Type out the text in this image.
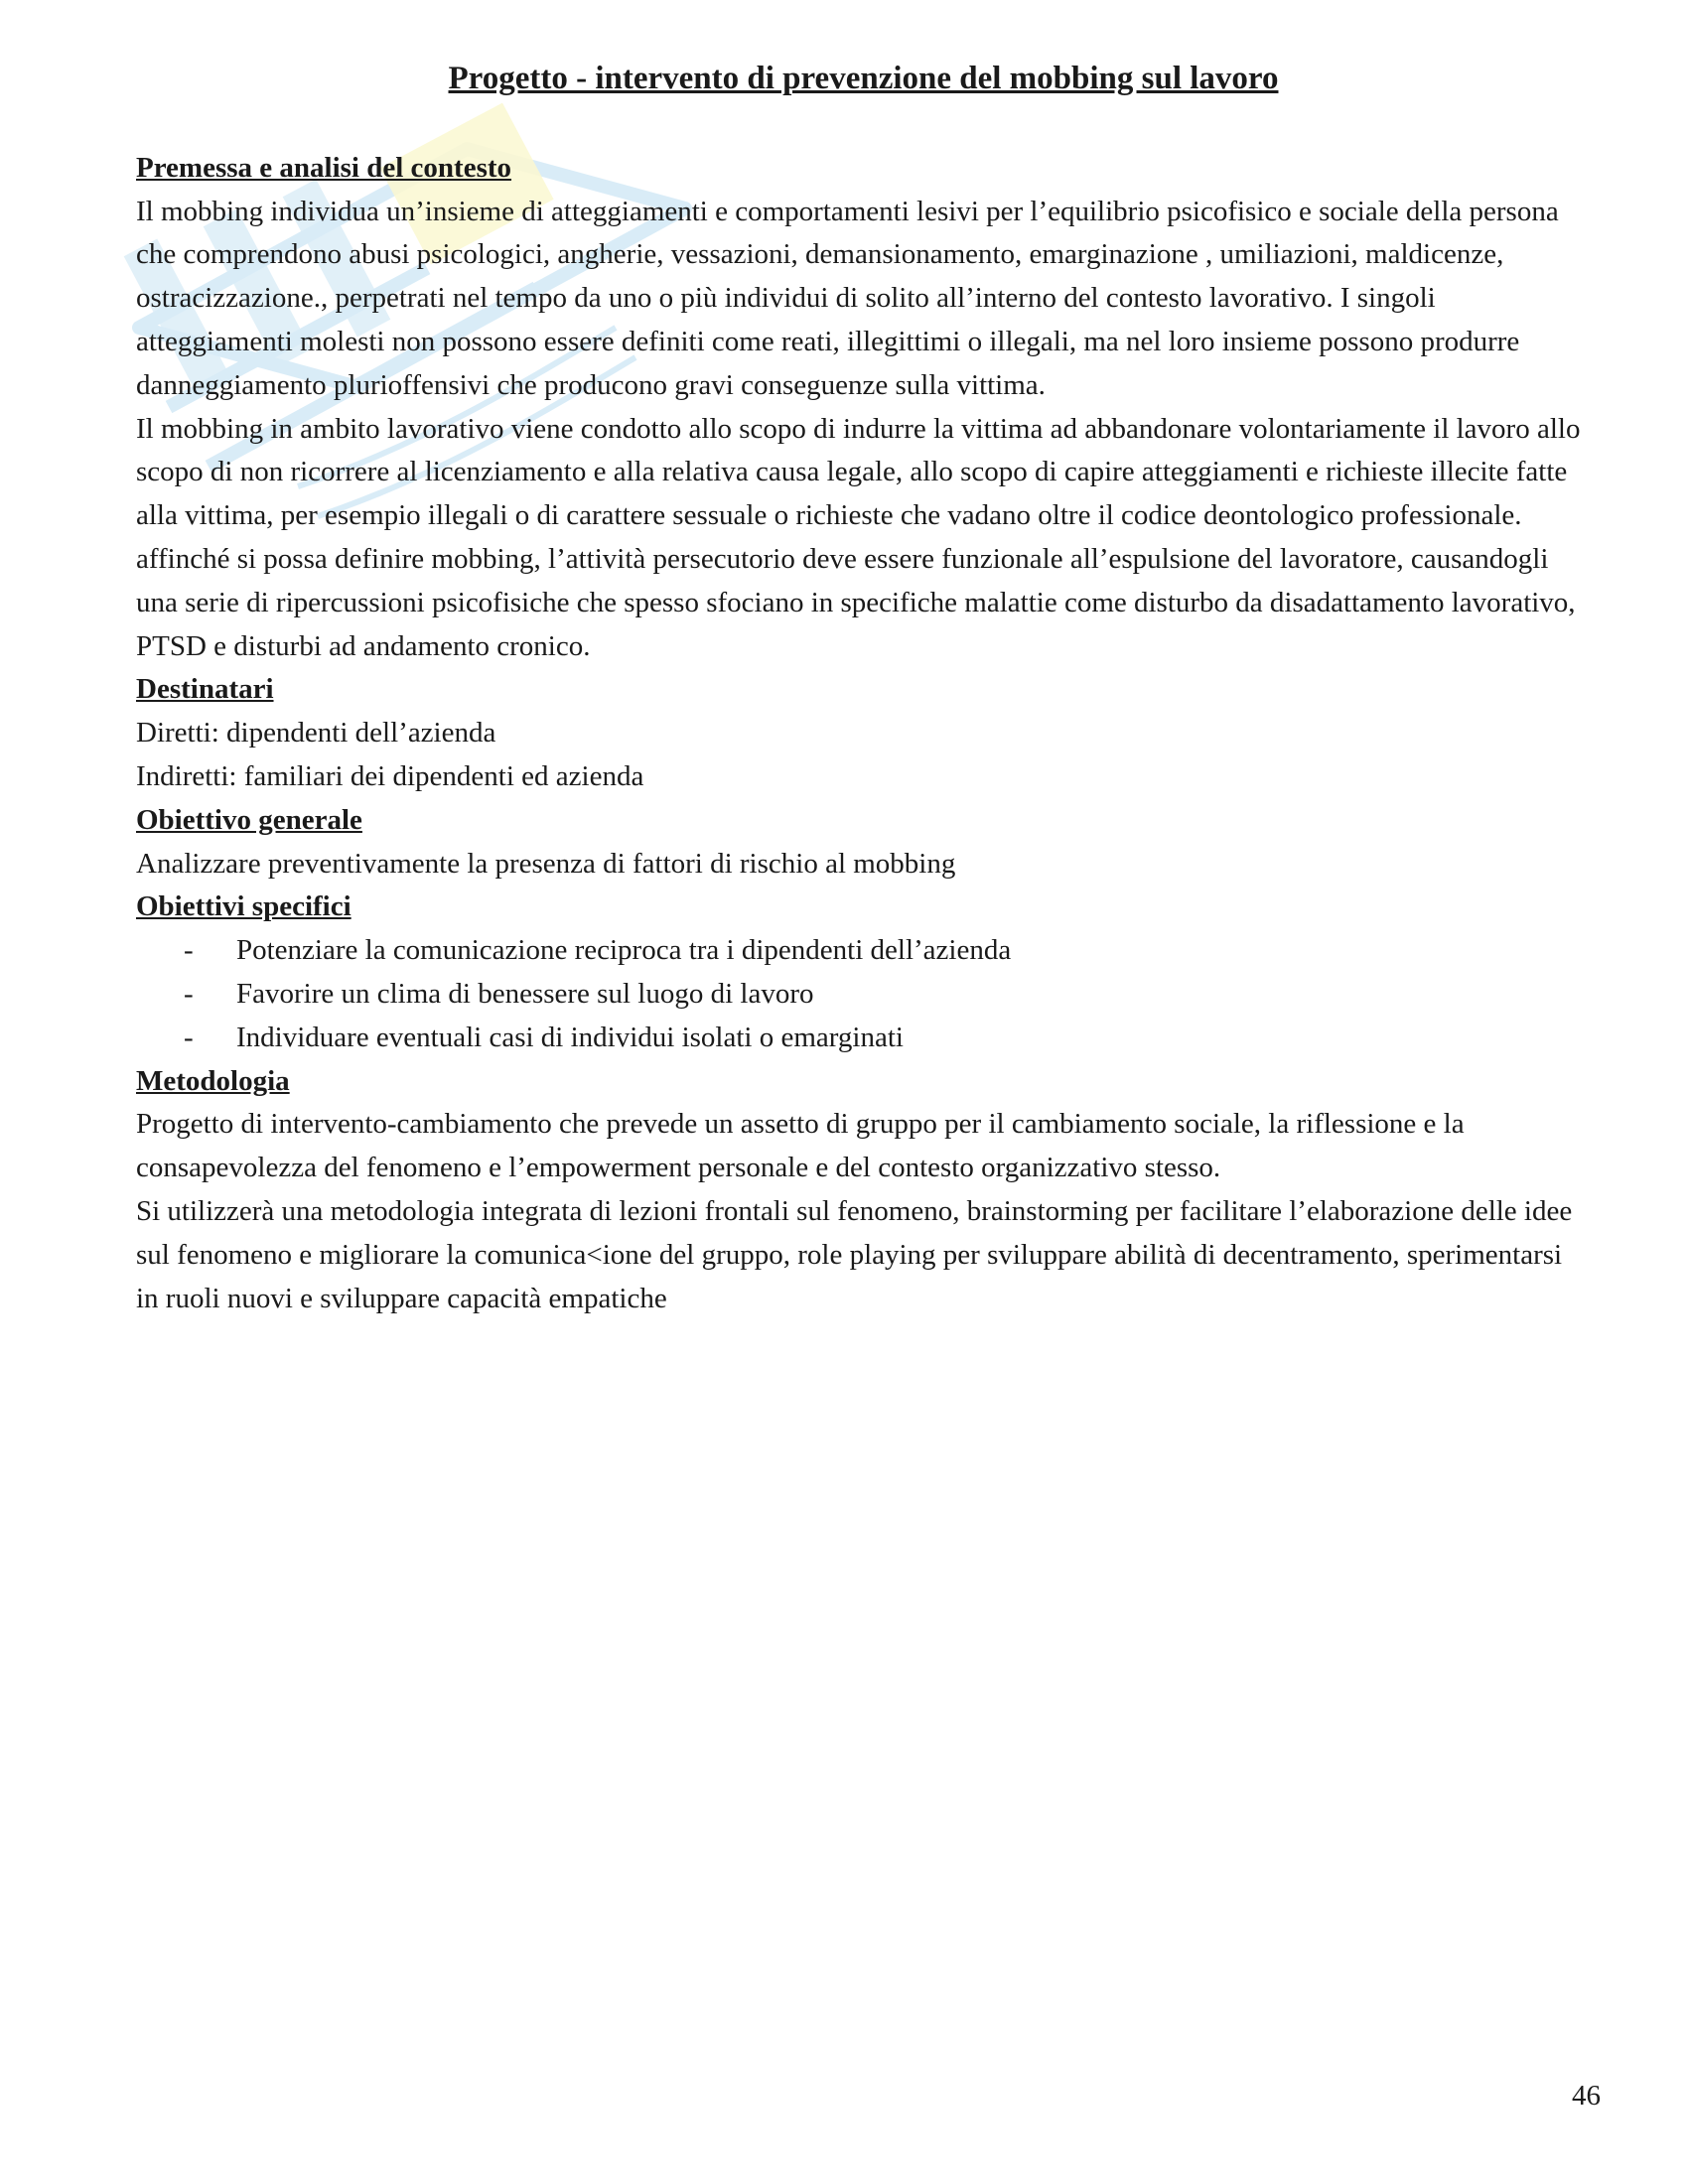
Progetto - intervento di prevenzione del mobbing sul lavoro
Premessa e analisi del contesto

Il mobbing individua un’insieme di atteggiamenti e comportamenti lesivi per l’equilibrio psicofisico e sociale della persona che comprendono abusi psicologici, angherie, vessazioni, demansionamento, emarginazione , umiliazioni, maldicenze, ostracizzazione., perpetrati nel tempo da uno o più individui di solito all’interno del contesto lavorativo. I singoli atteggiamenti molesti non possono essere definiti come reati, illegittimi o illegali, ma nel loro insieme possono produrre danneggiamento plurioffensivi che producono gravi conseguenze sulla vittima.

Il mobbing in ambito lavorativo viene condotto allo scopo di indurre la vittima ad abbandonare volontariamente il lavoro allo scopo di non ricorrere al licenziamento e alla relativa causa legale, allo scopo di capire atteggiamenti e richieste illecite fatte alla vittima, per esempio illegali o di carattere sessuale o richieste che vadano oltre il codice deontologico professionale. affinché si possa definire mobbing, l’attività persecutorio deve essere funzionale all’espulsione del lavoratore, causandogli una serie di ripercussioni psicofisiche che spesso sfociano in specifiche malattie come disturbo da disadattamento lavorativo, PTSD e disturbi ad andamento cronico.

Destinatari

Diretti: dipendenti dell’azienda

Indiretti: familiari dei dipendenti ed azienda

Obiettivo generale

Analizzare preventivamente la presenza di fattori di rischio al mobbing

Obiettivi specifici
- Potenziare la comunicazione reciproca tra i dipendenti dell’azienda
- Favorire un clima di benessere sul luogo di lavoro
- Individuare eventuali casi di individui isolati o emarginati
Metodologia

Progetto di intervento-cambiamento che prevede un assetto di gruppo per il cambiamento sociale, la riflessione e la consapevolezza del fenomeno e l’empowerment personale e del contesto organizzativo stesso.

Si utilizzerà una metodologia integrata di lezioni frontali sul fenomeno, brainstorming per facilitare l’elaborazione delle idee sul fenomeno e migliorare la comunica<ione del gruppo, role playing per sviluppare abilità di decentramento, sperimentarsi in ruoli nuovi e sviluppare capacità empatiche

46
